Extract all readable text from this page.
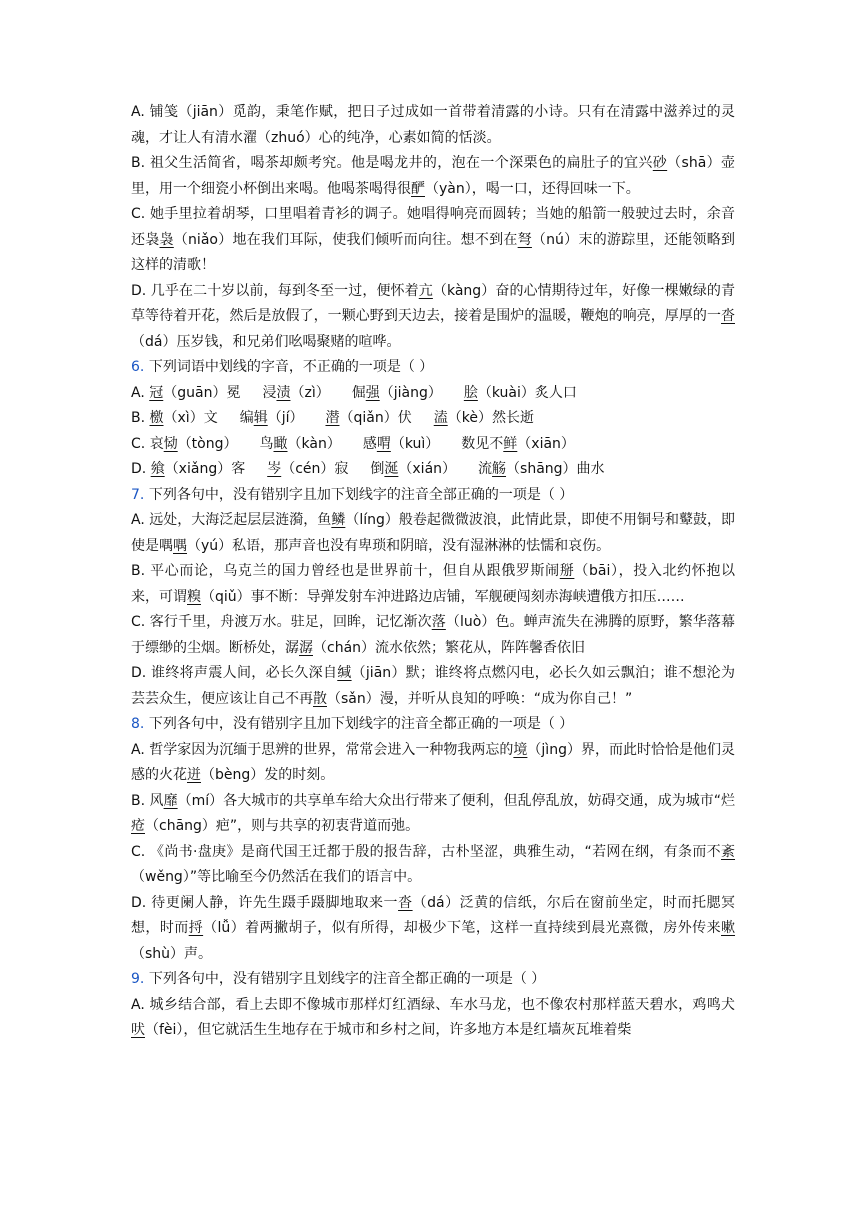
A . 铺笺（jiān）觅韵，秉笔作赋，把日子过成如一首带着清露的小诗。只有在清露中滋养过的灵魂，才让人有清水濯（zhuó）心的纯净，心素如简的恬淡。

B . 祖父生活简省，喝茶却颇考究。他是喝龙井的，泡在一个深栗色的扁肚子的宜兴砂（shā）壶里，用一个细瓷小杯倒出来喝。他喝茶喝得很酽（yàn），喝一口，还得回味一下。

C . 她手里拉着胡琴，口里唱着青衫的调子。她唱得响亮而圆转；当她的船箭一般驶过去时，余音还袅袅（niǎo）地在我们耳际，使我们倾听而向往。想不到在弩（nú）末的游踪里，还能领略到这样的清歌！

D . 几乎在二十岁以前，每到冬至一过，便怀着亢（kàng）奋的心情期待过年，好像一棵嫩绿的青草等待着开花，然后是放假了，一颗心野到天边去，接着是围炉的温暖，鞭炮的响亮，厚厚的一沓（dá）压岁钱，和兄弟们吆喝聚赌的喧哗。

6 . 下列词语中划线的字音，不正确的一项是（ ）

A . 冠（guān）冕 浸渍（zì） 倔强（jiàng） 脍（kuài）炙人口

B . 檄（xì）文 编辑（jí） 潜（qiǎn）伏 溘（kè）然长逝

C . 哀恸（tòng） 鸟瞰（kàn） 感喟（kuì） 数见不鲜（xiān）

D . 飨（xiǎng）客 岑（cén）寂 倒涎（xián） 流觞（shāng）曲水

7 . 下列各句中，没有错别字且加下划线字的注音全部正确的一项是（ ）

A . 远处，大海泛起层层涟漪，鱼鳞（líng）般卷起微微波浪，此情此景，即使不用铜号和鼙鼓，即使是喁喁（yú）私语，那声音也没有卑琐和阴暗，没有湿淋淋的怯懦和哀伤。

B . 平心而论，乌克兰的国力曾经也是世界前十，但自从跟俄罗斯闹掰（bāi），投入北约怀抱以来，可谓糗（qiǔ）事不断：导弹发射车沖进路边店铺，军舰硬闯刻赤海峡遭俄方扣压……

C . 客行千里，舟渡万水。驻足，回眸，记忆渐次落（luò）色。蝉声流失在沸腾的原野，繁华落幕于缥缈的尘烟。断桥处，潺潺（chán）流水依然；繁花从，阵阵馨香依旧

D . 谁终将声震人间，必长久深自缄（jiān）默；谁终将点燃闪电，必长久如云飘泊；谁不想沦为芸芸众生，便应该让自己不再散（sǎn）漫，并听从良知的呼唤：“成为你自己！”

8 . 下列各句中，没有错别字且加下划线字的注音全都正确的一项是（ ）

A . 哲学家因为沉缅于思辨的世界，常常会进入一种物我两忘的境（jìng）界，而此时恰恰是他们灵感的火花迸（bèng）发的时刻。

B . 风靡（mí）各大城市的共享单车给大众出行带来了便利，但乱停乱放，妨碍交通，成为城市“烂疮（chāng）疤”，则与共享的初衷背道而弛。

C . 《尚书·盘庚》是商代国王迁都于殷的报告辞，古朴坚涩，典雅生动，“若网在纲，有条而不紊（wěng）”等比喻至今仍然活在我们的语言中。

D . 待更阑人静，许先生蹑手蹑脚地取来一沓（dá）泛黄的信纸，尔后在窗前坐定，时而托腮冥想，时而捋（lǚ）着两撇胡子，似有所得，却极少下笔，这样一直持续到晨光熹微，房外传来嗽（shù）声。

9 . 下列各句中，没有错别字且划线字的注音全都正确的一项是（ ）

A . 城乡结合部，看上去即不像城市那样灯红酒绿、车水马龙，也不像农村那样蓝天碧水，鸡鸣犬吠（fèi），但它就活生生地存在于城市和乡村之间，许多地方本是红墙灰瓦堆着柴
